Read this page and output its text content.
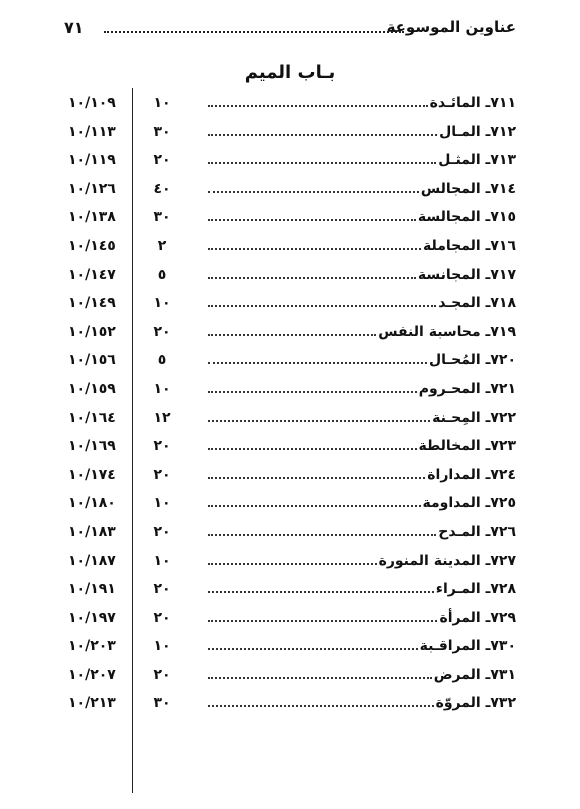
عناوين الموسوعة
٧١
بـاب الميم
٧١١ـ المائـدة
١٠
١٠/١٠٩
٧١٢ـ المـال
٣٠
١٠/١١٣
٧١٣ـ المثـل
٢٠
١٠/١١٩
٧١٤ـ المجالس
٤٠
١٠/١٢٦
٧١٥ـ المجالسة
٣٠
١٠/١٣٨
٧١٦ـ المجاملة
٢
١٠/١٤٥
٧١٧ـ المجانسة
٥
١٠/١٤٧
٧١٨ـ المجـد
١٠
١٠/١٤٩
٧١٩ـ محاسبة النفس
٢٠
١٠/١٥٢
٧٢٠ـ المُحـال
٥
١٠/١٥٦
٧٢١ـ المحـروم
١٠
١٠/١٥٩
٧٢٢ـ المِحـنة
١٢
١٠/١٦٤
٧٢٣ـ المخالطة
٢٠
١٠/١٦٩
٧٢٤ـ المداراة
٢٠
١٠/١٧٤
٧٢٥ـ المداومة
١٠
١٠/١٨٠
٧٢٦ـ المـدح
٢٠
١٠/١٨٣
٧٢٧ـ المدينة المنورة
١٠
١٠/١٨٧
٧٢٨ـ المـراء
٢٠
١٠/١٩١
٧٢٩ـ المرأة
٢٠
١٠/١٩٧
٧٣٠ـ المراقـبة
١٠
١٠/٢٠٣
٧٣١ـ المرض
٢٠
١٠/٢٠٧
٧٣٢ـ المروّة
٣٠
١٠/٢١٣
